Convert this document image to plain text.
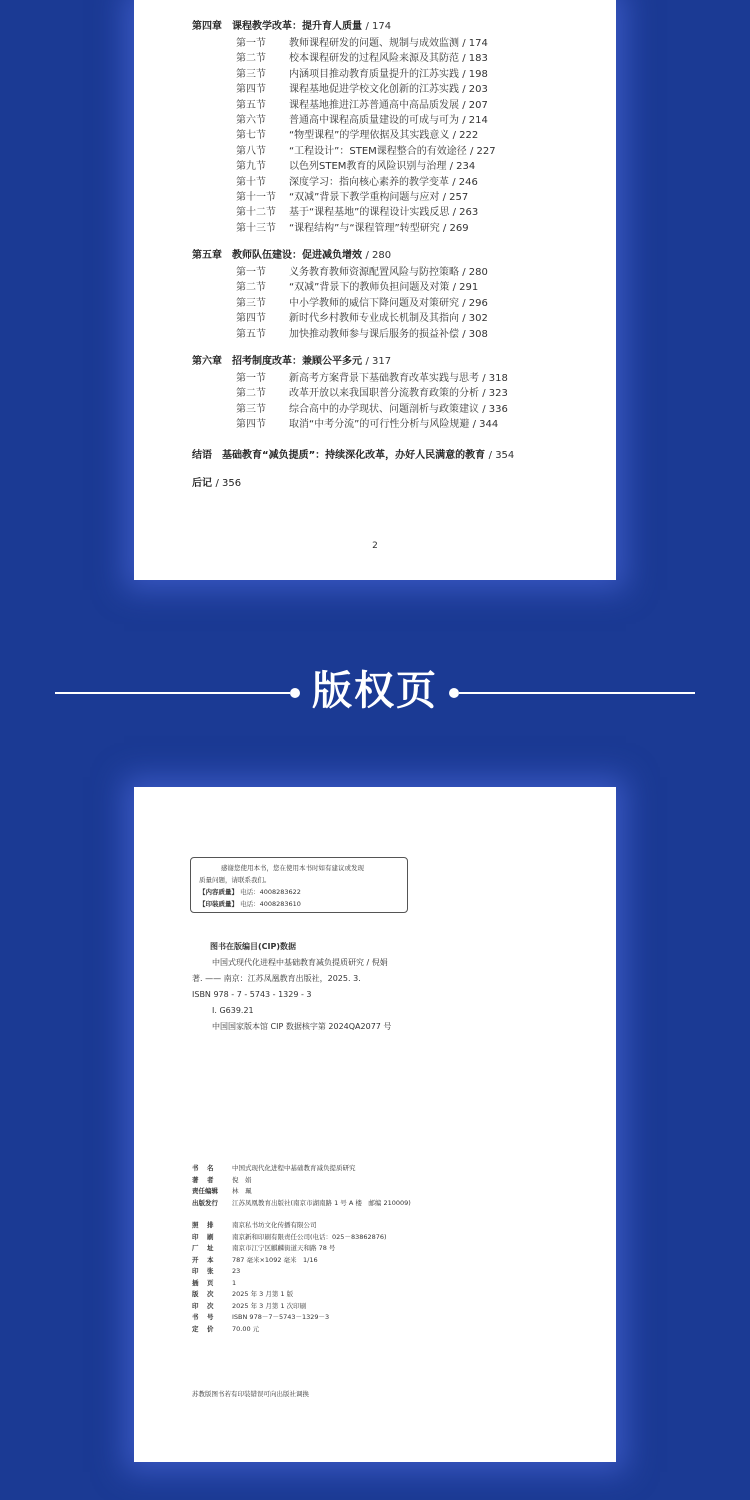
第四章　课程教学改革：提升育人质量 / 174
第一节 教师课程研发的问题、规制与成效监测 / 174
第二节 校本课程研发的过程风险来源及其防范 / 183
第三节 内涵项目推动教育质量提升的江苏实践 / 198
第四节 课程基地促进学校文化创新的江苏实践 / 203
第五节 课程基地推进江苏普通高中高品质发展 / 207
第六节 普通高中课程高质量建设的可成与可为 / 214
第七节 “物型课程”的学理依据及其实践意义 / 222
第八节 “工程设计”：STEM课程整合的有效途径 / 227
第九节 以色列STEM教育的风险识别与治理 / 234
第十节 深度学习：指向核心素养的教学变革 / 246
第十一节 “双减”背景下教学重构问题与应对 / 257
第十二节 基于“课程基地”的课程设计实践反思 / 263
第十三节 “课程结构”与“课程管理”转型研究 / 269
第五章　教师队伍建设：促进减负增效 / 280
第一节 义务教育教师资源配置风险与防控策略 / 280
第二节 “双减”背景下的教师负担问题及对策 / 291
第三节 中小学教师的威信下降问题及对策研究 / 296
第四节 新时代乡村教师专业成长机制及其指向 / 302
第五节 加快推动教师参与课后服务的损益补偿 / 308
第六章　招考制度改革：兼顾公平多元 / 317
第一节 新高考方案背景下基础教育改革实践与思考 / 318
第二节 改革开放以来我国职普分流教育政策的分析 / 323
第三节 综合高中的办学现状、问题剖析与政策建议 / 336
第四节 取消“中考分流”的可行性分析与风险规避 / 344
结语　基础教育“减负提质”：持续深化改革，办好人民满意的教育 / 354
后记 / 356
2
版权页
感谢您使用本书，您在使用本书时如有建议或发现
质量问题，请联系我们。
【内容质量】 电话：4008283622
【印装质量】 电话：4008283610
图书在版编目(CIP)数据
中国式现代化进程中基础教育减负提质研究 / 倪娟
著. —— 南京：江苏凤凰教育出版社，2025. 3.
ISBN 978 - 7 - 5743 - 1329 - 3
Ⅰ. G639.21
中国国家版本馆 CIP 数据核字第 2024QA2077 号
书　名	中国式现代化进程中基础教育减负提质研究
著　者	倪　娟
责任编辑 林　珮
出版发行 江苏凤凰教育出版社(南京市湖南路 1 号 A 楼　邮编 210009)
照　排	南京私书坊文化传播有限公司
印　刷	南京新和印刷有限责任公司(电话：025－83862876)
厂　址	南京市江宁区麒麟街道天和路 78 号
开　本	787 毫米×1092 毫米　1/16
印　张	23
插　页	1
版　次	2025 年 3 月第 1 版
印　次	2025 年 3 月第 1 次印刷
书　号	ISBN 978－7－5743－1329－3
定　价	70.00 元
苏教版图书若有印装错误可向出版社调换
